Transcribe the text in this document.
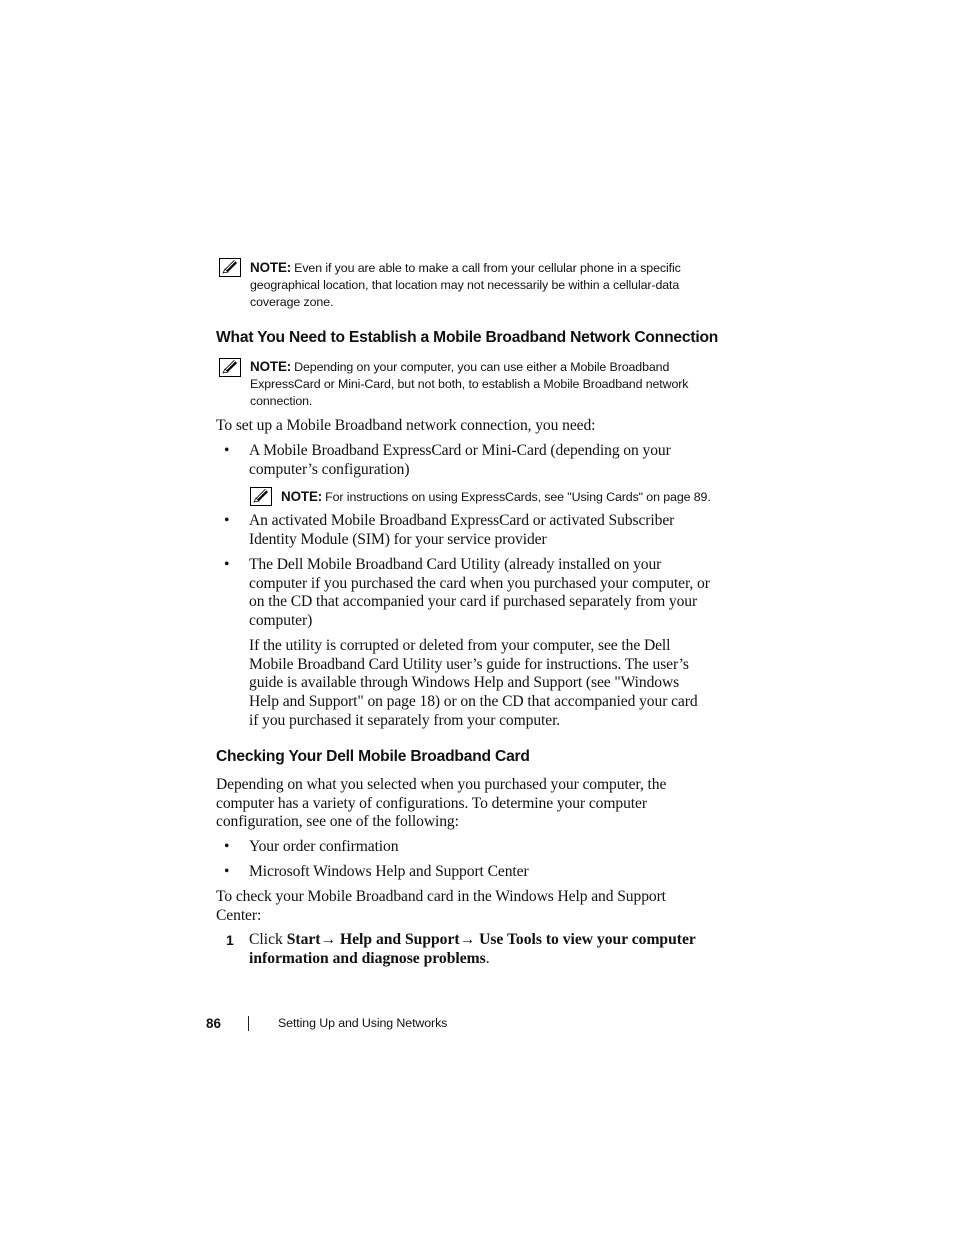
NOTE: Even if you are able to make a call from your cellular phone in a specific
geographical location, that location may not necessarily be within a cellular-data
coverage zone.
What You Need to Establish a Mobile Broadband Network Connection
NOTE: Depending on your computer, you can use either a Mobile Broadband
ExpressCard or Mini-Card, but not both, to establish a Mobile Broadband network
connection.
To set up a Mobile Broadband network connection, you need:
• A Mobile Broadband ExpressCard or Mini-Card (depending on your
computer’s configuration)
NOTE: For instructions on using ExpressCards, see "Using Cards" on page 89.
• An activated Mobile Broadband ExpressCard or activated Subscriber
Identity Module (SIM) for your service provider
• The Dell Mobile Broadband Card Utility (already installed on your
computer if you purchased the card when you purchased your computer, or
on the CD that accompanied your card if purchased separately from your
computer)
If the utility is corrupted or deleted from your computer, see the Dell
Mobile Broadband Card Utility user’s guide for instructions. The user’s
guide is available through Windows Help and Support (see "Windows
Help and Support" on page 18) or on the CD that accompanied your card
if you purchased it separately from your computer.
Checking Your Dell Mobile Broadband Card
Depending on what you selected when you purchased your computer, the
computer has a variety of configurations. To determine your computer
configuration, see one of the following:
• Your order confirmation
• Microsoft Windows Help and Support Center
To check your Mobile Broadband card in the Windows Help and Support
Center:
1 Click Start→ Help and Support→ Use Tools to view your computer
information and diagnose problems.
86	Setting Up and Using Networks
